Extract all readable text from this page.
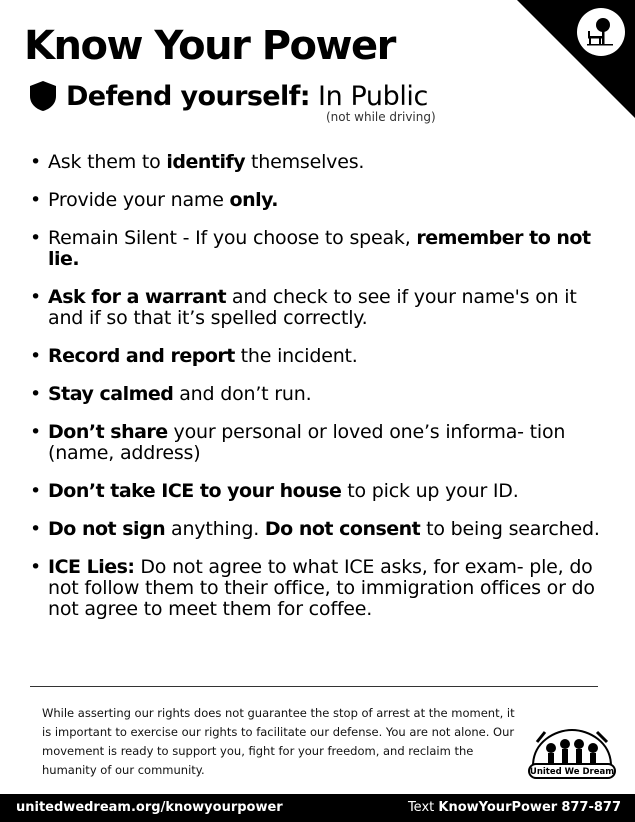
Know Your Power
Defend yourself: In Public
(not while driving)
• Ask them to identify themselves.
• Provide your name only.
• Remain Silent - If you choose to speak, remember to not lie.
• Ask for a warrant and check to see if your name's on it and if so that it’s spelled correctly.
• Record and report the incident.
• Stay calmed and don’t run.
• Don’t share your personal or loved one’s informa- tion (name, address)
• Don’t take ICE to your house to pick up your ID.
• Do not sign anything. Do not consent to being searched.
• ICE Lies: Do not agree to what ICE asks, for exam- ple, do not follow them to their office, to immigration offices or do not agree to meet them for coffee.

While asserting our rights does not guarantee the stop of arrest at the moment, it is important to exercise our rights to facilitate our defense. You are not alone. Our movement is ready to support you, fight for your freedom, and reclaim the humanity of our community.	United We Dream
unitedwedream.org/knowyourpower	Text KnowYourPower 877-877
